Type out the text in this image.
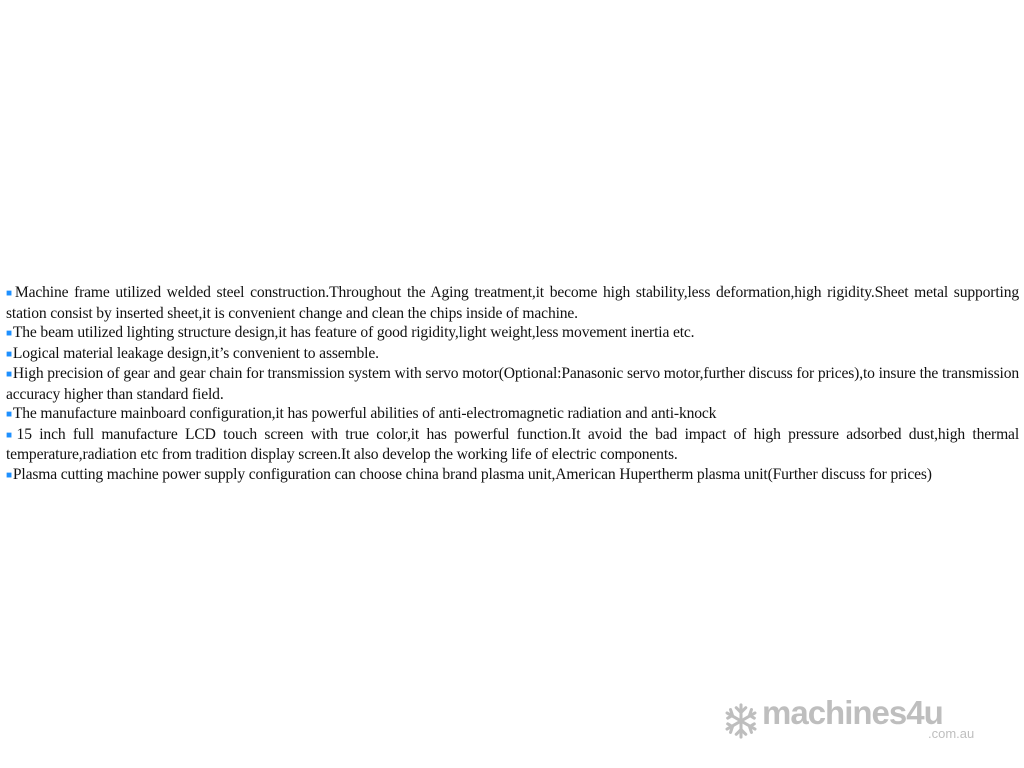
■Machine frame utilized welded steel construction.Throughout the Aging treatment,it become high stability,less deformation,high rigidity.Sheet metal supporting station consist by inserted sheet,it is convenient change and clean the chips inside of machine.
■The beam utilized lighting structure design,it has feature of good rigidity,light weight,less movement inertia etc.
■Logical material leakage design,it’s convenient to assemble.
■High precision of gear and gear chain for transmission system with servo motor(Optional:Panasonic servo motor,further discuss for prices),to insure the transmission accuracy higher than standard field.
■The manufacture mainboard configuration,it has powerful abilities of anti-electromagnetic radiation and anti-knock
■15 inch full manufacture LCD touch screen with true color,it has powerful function.It avoid the bad impact of high pressure adsorbed dust,high thermal temperature,radiation etc from tradition display screen.It also develop the working life of electric components.
■Plasma cutting machine power supply configuration can choose china brand plasma unit,American Hupertherm plasma unit(Further discuss for prices)
machines4u
.com.au
